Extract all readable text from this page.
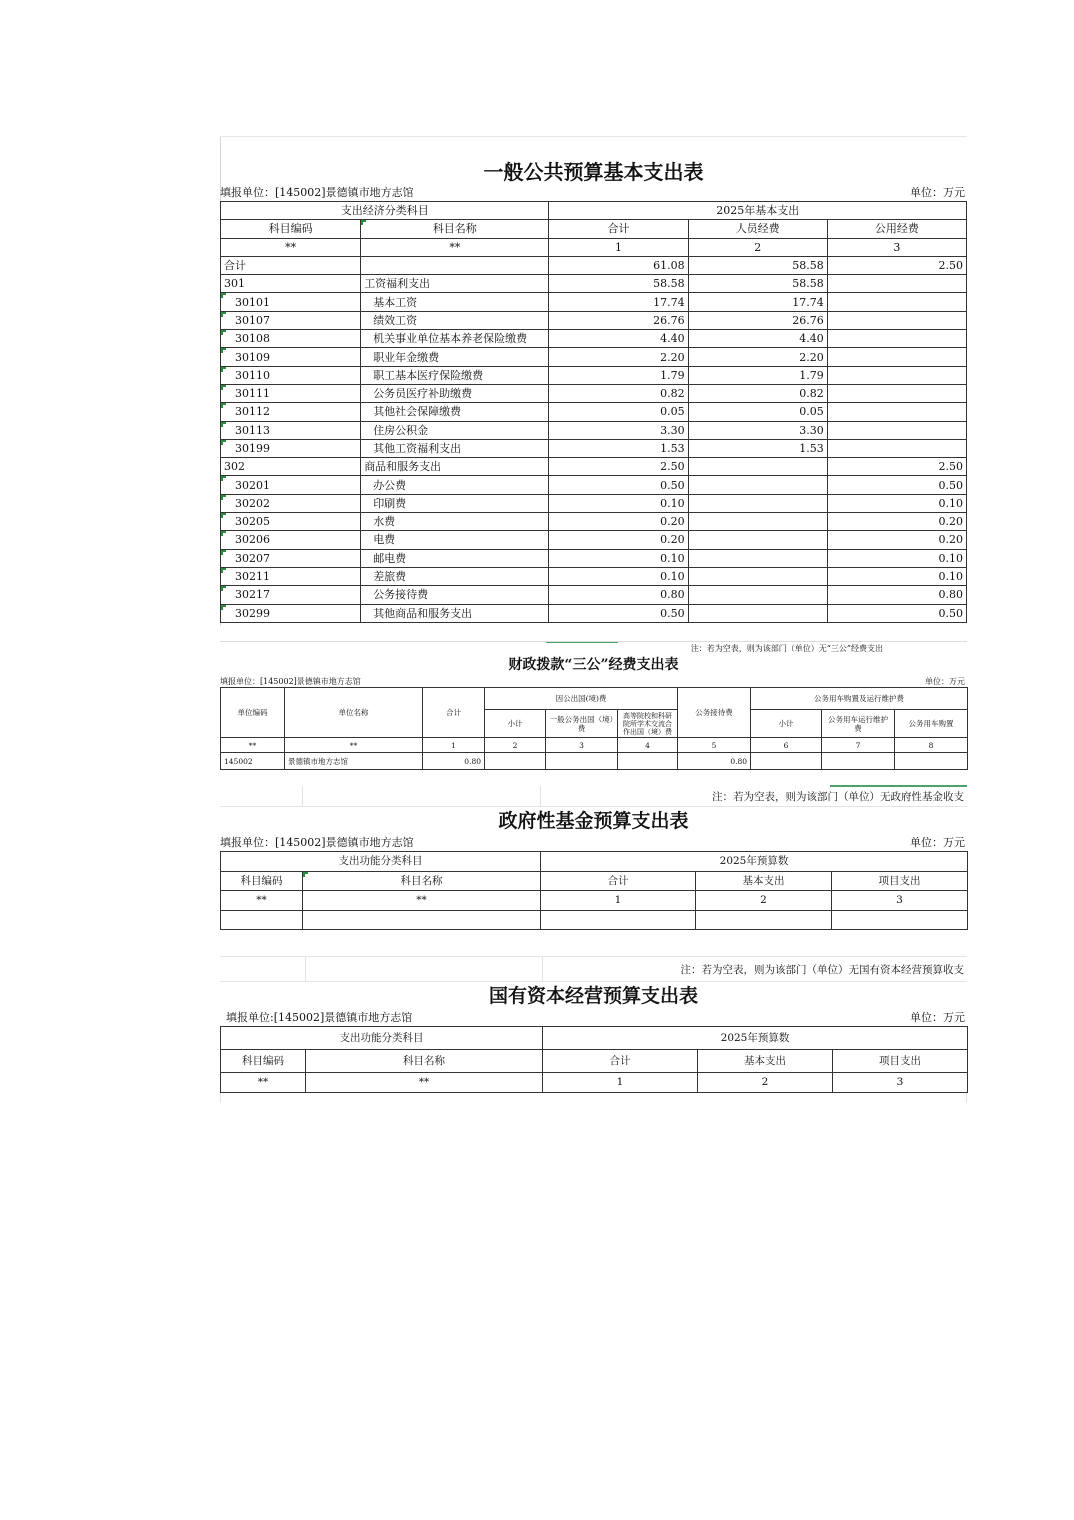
一般公共预算基本支出表
填报单位：[145002]景德镇市地方志馆	单位：万元
支出经济分类科目		2025年基本支出		
科目编码	科目名称	合计	人员经费	公用经费
**	**	1	2	3
合计		61.08	58.58	2.50
301	工资福利支出	58.58	58.58	
30101	基本工资	17.74	17.74	
30107	绩效工资	26.76	26.76	
30108	机关事业单位基本养老保险缴费	4.40	4.40	
30109	职业年金缴费	2.20	2.20	
30110	职工基本医疗保险缴费	1.79	1.79	
30111	公务员医疗补助缴费	0.82	0.82	
30112	其他社会保障缴费	0.05	0.05	
30113	住房公积金	3.30	3.30	
30199	其他工资福利支出	1.53	1.53	
302	商品和服务支出	2.50		2.50
30201	办公费	0.50		0.50
30202	印刷费	0.10		0.10
30205	水费	0.20		0.20
30206	电费	0.20		0.20
30207	邮电费	0.10		0.10
30211	差旅费	0.10		0.10
30217	公务接待费	0.80		0.80
30299	其他商品和服务支出	0.50		0.50
注：若为空表，则为该部门（单位）无“三公”经费支出
财政拨款“三公”经费支出表
填报单位：[145002]景德镇市地方志馆	单位：万元
单位编码	单位名称	合计	因公出国(境)费			公务接待费	公务用车购置及运行维护费		
			小计	一般公务出国（境）费	高等院校和科研院所学术交流合作出国（境）费		小计	公务用车运行维护费	公务用车购置
**	**	1	2	3	4	5	6	7	8
145002	景德镇市地方志馆	0.80				0.80			
		注：若为空表，则为该部门（单位）无政府性基金收支
政府性基金预算支出表
填报单位：[145002]景德镇市地方志馆	单位：万元
支出功能分类科目		2025年预算数		
科目编码	科目名称	合计	基本支出	项目支出
**	**	1	2	3

		注：若为空表，则为该部门（单位）无国有资本经营预算收支
国有资本经营预算支出表
填报单位:[145002]景德镇市地方志馆	单位：万元
支出功能分类科目		2025年预算数		
科目编码	科目名称	合计	基本支出	项目支出
**	**	1	2	3
